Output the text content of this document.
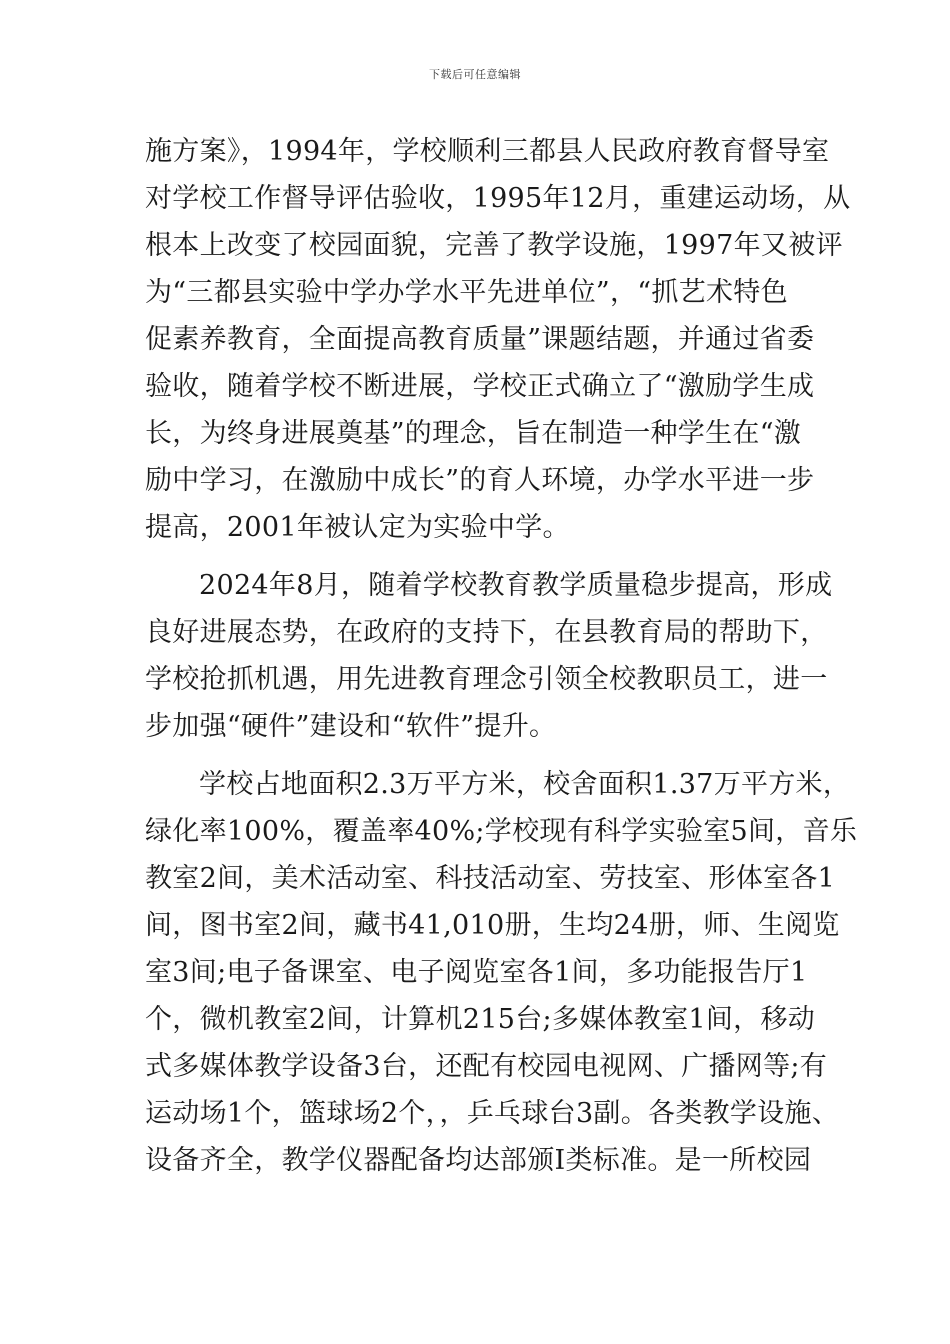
下载后可任意编辑
施方案》，1994年，学校顺利三都县人民政府教育督导室
对学校工作督导评估验收，1995年12月，重建运动场，从
根本上改变了校园面貌，完善了教学设施，1997年又被评
为“三都县实验中学办学水平先进单位”，“抓艺术特色
促素养教育，全面提高教育质量”课题结题，并通过省委
验收，随着学校不断进展，学校正式确立了“激励学生成
长，为终身进展奠基”的理念，旨在制造一种学生在“激
励中学习，在激励中成长”的育人环境，办学水平进一步
提高，2001年被认定为实验中学。
2024年8月，随着学校教育教学质量稳步提高，形成
良好进展态势，在政府的支持下，在县教育局的帮助下，
学校抢抓机遇，用先进教育理念引领全校教职员工，进一
步加强“硬件”建设和“软件”提升。
学校占地面积2.3万平方米，校舍面积1.37万平方米，
绿化率100%，覆盖率40%;学校现有科学实验室5间，音乐
教室2间，美术活动室、科技活动室、劳技室、形体室各1
间，图书室2间，藏书41,010册，生均24册，师、生阅览
室3间;电子备课室、电子阅览室各1间，多功能报告厅1
个，微机教室2间，计算机215台;多媒体教室1间，移动
式多媒体教学设备3台，还配有校园电视网、广播网等;有
运动场1个，篮球场2个，，乒乓球台3副。各类教学设施、
设备齐全，教学仪器配备均达部颁Ⅰ类标准。是一所校园
